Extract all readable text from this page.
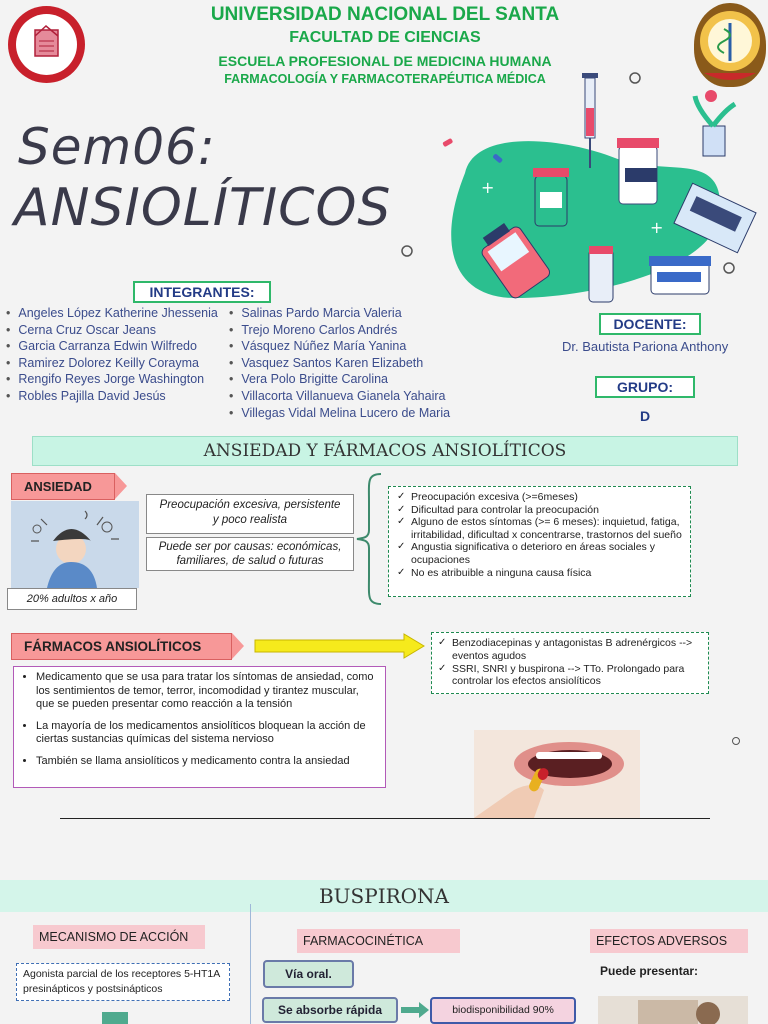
CHIMBOTE - PERÚ
UNIVERSIDAD NACIONAL DEL SANTA
FACULTAD DE CIENCIAS
ESCUELA PROFESIONAL DE MEDICINA HUMANA
FARMACOLOGÍA Y FARMACOTERAPÉUTICA MÉDICA
Sem06:
ANSIOLÍTICOS	+
+
INTEGRANTES:
• Angeles López Katherine Jhessenia
• Cerna Cruz Oscar Jeans
• Garcia Carranza Edwin Wilfredo
• Ramirez Dolorez Keilly Corayma
• Rengifo Reyes Jorge Washington
• Robles Pajilla David Jesús
• Salinas Pardo Marcia Valeria
• Trejo Moreno Carlos Andrés
• Vásquez Núñez María Yanina
• Vasquez Santos Karen Elizabeth
• Vera Polo Brigitte Carolina
• Villacorta Villanueva Gianela Yahaira
• Villegas Vidal Melina Lucero de Maria
DOCENTE:
Dr. Bautista Pariona Anthony
GRUPO:
D
ANSIEDAD Y FÁRMACOS ANSIOLÍTICOS
ANSIEDAD
20% adultos x año
Preocupación excesiva, persistente y poco realista
Puede ser por causas: económicas, familiares, de salud o futuras
✓ Preocupación excesiva (>=6meses)
✓ Dificultad para controlar la preocupación
✓ Alguno de estos síntomas (>= 6 meses): inquietud, fatiga, irritabilidad, dificultad x concentrarse, trastornos del sueño
✓ Angustia significativa o deterioro en áreas sociales y ocupaciones
✓ No es atribuible a ninguna causa física
FÁRMACOS ANSIOLÍTICOS
✓	Benzodiacepinas y antagonistas B adrenérgicos --> eventos agudos
✓ SSRI, SNRI y buspirona --> TTo. Prolongado para controlar los efectos ansiolíticos
• Medicamento que se usa para tratar los síntomas de ansiedad, como los sentimientos de temor, terror, incomodidad y tirantez muscular, que se pueden presentar como reacción a la tensión
• La mayoría de los medicamentos ansiolíticos bloquean la acción de ciertas sustancias químicas del sistema nervioso
• También se llama ansiolíticos y medicamento contra la ansiedad
BUSPIRONA
MECANISMO DE ACCIÓN
Agonista parcial de los receptores 5-HT1A presinápticos y postsinápticos
FARMACOCINÉTICA
Vía oral.
Se absorbe rápida	biodisponibilidad 90%
EFECTOS ADVERSOS
Puede presentar:
